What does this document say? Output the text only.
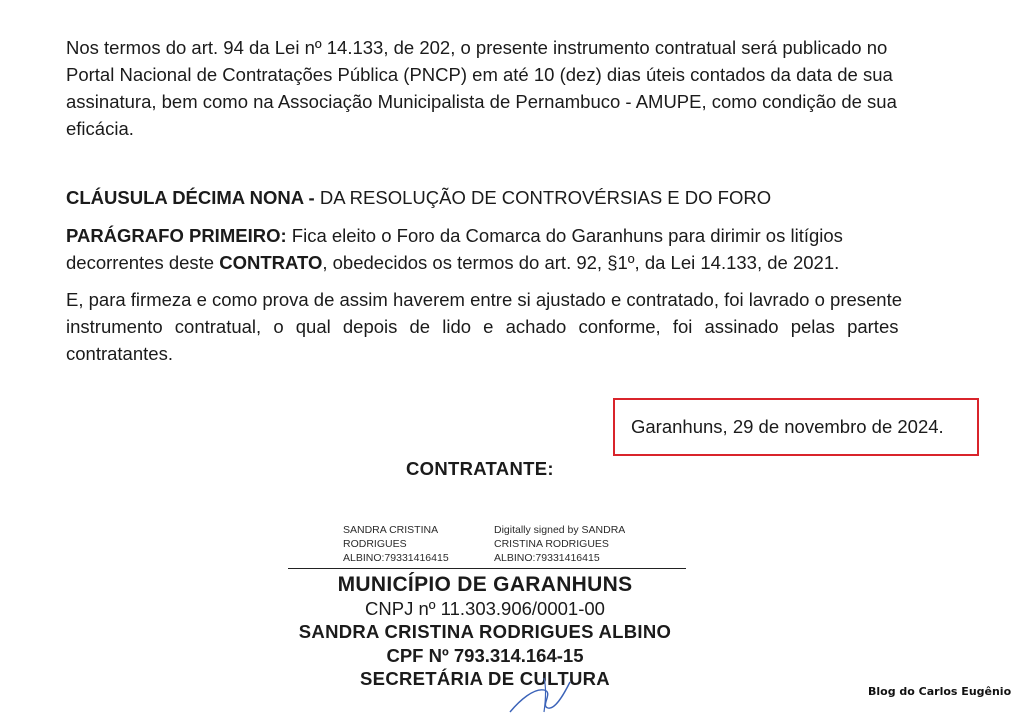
Nos termos do art. 94 da Lei nº 14.133, de 202, o presente instrumento contratual será publicado no
Portal Nacional de Contratações Pública (PNCP) em até 10 (dez) dias úteis contados da data de sua
assinatura, bem como na Associação Municipalista de Pernambuco - AMUPE, como condição de sua
eficácia.

CLÁUSULA DÉCIMA NONA - DA RESOLUÇÃO DE CONTROVÉRSIAS E DO FORO

PARÁGRAFO PRIMEIRO: Fica eleito o Foro da Comarca do Garanhuns para dirimir os litígios
decorrentes deste CONTRATO, obedecidos os termos do art. 92, §1º, da Lei 14.133, de 2021.

E, para firmeza e como prova de assim haverem entre si ajustado e contratado, foi lavrado o presente
instrumento contratual, o qual depois de lido e achado conforme, foi assinado pelas partes
contratantes.

Garanhuns, 29 de novembro de 2024.
CONTRATANTE:
SANDRA CRISTINA
RODRIGUES
ALBINO:79331416415
Digitally signed by SANDRA
CRISTINA RODRIGUES
ALBINO:79331416415
MUNICÍPIO DE GARANHUNS
CNPJ nº 11.303.906/0001-00
SANDRA CRISTINA RODRIGUES ALBINO
CPF Nº 793.314.164-15
SECRETÁRIA DE CULTURA
Blog do Carlos Eugênio
